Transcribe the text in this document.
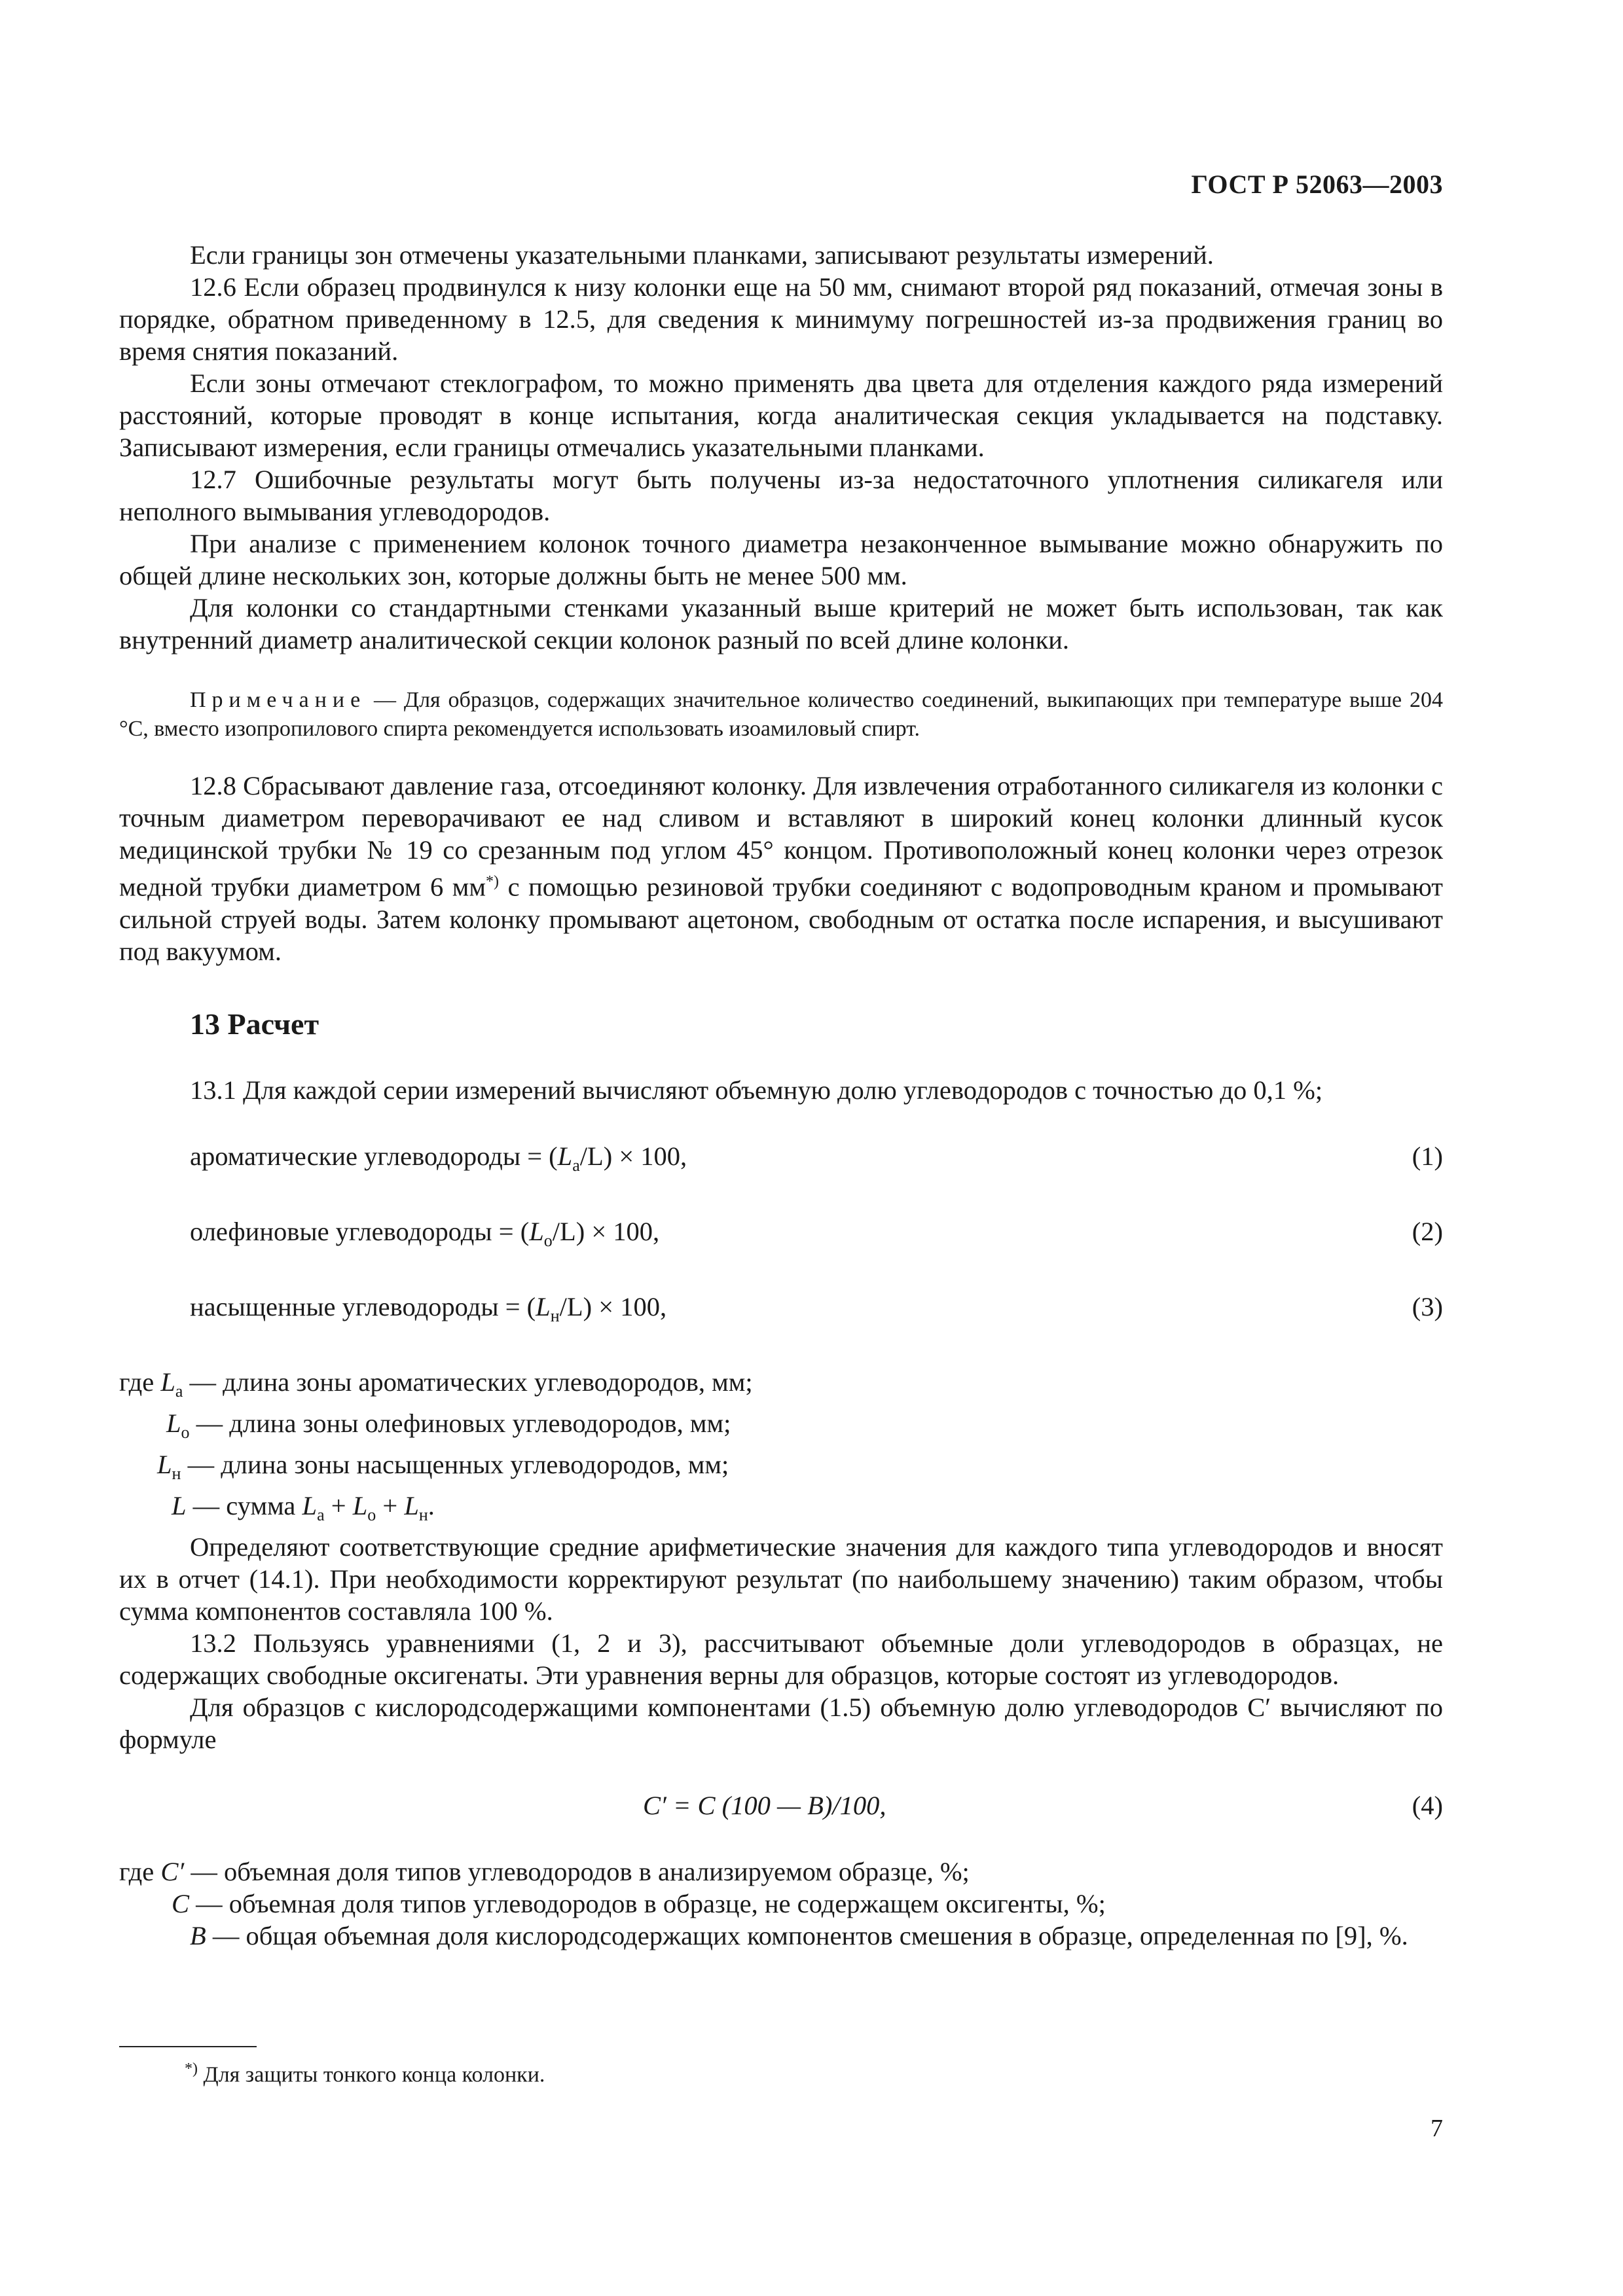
ГОСТ Р 52063—2003

Если границы зон отмечены указательными планками, записывают результаты измерений.

12.6 Если образец продвинулся к низу колонки еще на 50 мм, снимают второй ряд показаний, отмечая зоны в порядке, обратном приведенному в 12.5, для сведения к минимуму погрешностей из-за продвижения границ во время снятия показаний.

Если зоны отмечают стеклографом, то можно применять два цвета для отделения каждого ряда измерений расстояний, которые проводят в конце испытания, когда аналитическая секция укладывается на подставку. Записывают измерения, если границы отмечались указательными планками.

12.7 Ошибочные результаты могут быть получены из-за недостаточного уплотнения силикагеля или неполного вымывания углеводородов.

При анализе с применением колонок точного диаметра незаконченное вымывание можно обнаружить по общей длине нескольких зон, которые должны быть не менее 500 мм.

Для колонки со стандартными стенками указанный выше критерий не может быть использован, так как внутренний диаметр аналитической секции колонок разный по всей длине колонки.

Примечание — Для образцов, содержащих значительное количество соединений, выкипающих при температуре выше 204 °С, вместо изопропилового спирта рекомендуется использовать изоамиловый спирт.

12.8 Сбрасывают давление газа, отсоединяют колонку. Для извлечения отработанного силикагеля из колонки с точным диаметром переворачивают ее над сливом и вставляют в широкий конец колонки длинный кусок медицинской трубки № 19 со срезанным под углом 45° концом. Противоположный конец колонки через отрезок медной трубки диаметром 6 мм*) с помощью резиновой трубки соединяют с водопроводным краном и промывают сильной струей воды. Затем колонку промывают ацетоном, свободным от остатка после испарения, и высушивают под вакуумом.

13 Расчет

13.1 Для каждой серии измерений вычисляют объемную долю углеводородов с точностью до 0,1 %;

ароматические углеводороды = $(L_a/L) \times 100$,	(1)
олефиновые углеводороды = $(L_o/L) \times 100$,	(2)
насыщенные углеводороды = $(L_н/L) \times 100$,	(3)
где $L_a$ — длина зоны ароматических углеводородов, мм;
$L_o$ — длина зоны олефиновых углеводородов, мм;
$L_н$ — длина зоны насыщенных углеводородов, мм;
L — сумма $L_a + L_o + L_н$.

Определяют соответствующие средние арифметические значения для каждого типа углеводородов и вносят их в отчет (14.1). При необходимости корректируют результат (по наибольшему значению) таким образом, чтобы сумма компонентов составляла 100 %.

13.2 Пользуясь уравнениями (1, 2 и 3), рассчитывают объемные доли углеводородов в образцах, не содержащих свободные оксигенаты. Эти уравнения верны для образцов, которые состоят из углеводородов.

Для образцов с кислородсодержащими компонентами (1.5) объемную долю углеводородов C′ вычисляют по формуле

C′ = C (100 — B)/100,	(4)
где C′ — объемная доля типов углеводородов в анализируемом образце, %;
C — объемная доля типов углеводородов в образце, не содержащем оксигенты, %;
B — общая объемная доля кислородсодержащих компонентов смешения в образце, определенная по [9], %.
*) Для защиты тонкого конца колонки.
7
